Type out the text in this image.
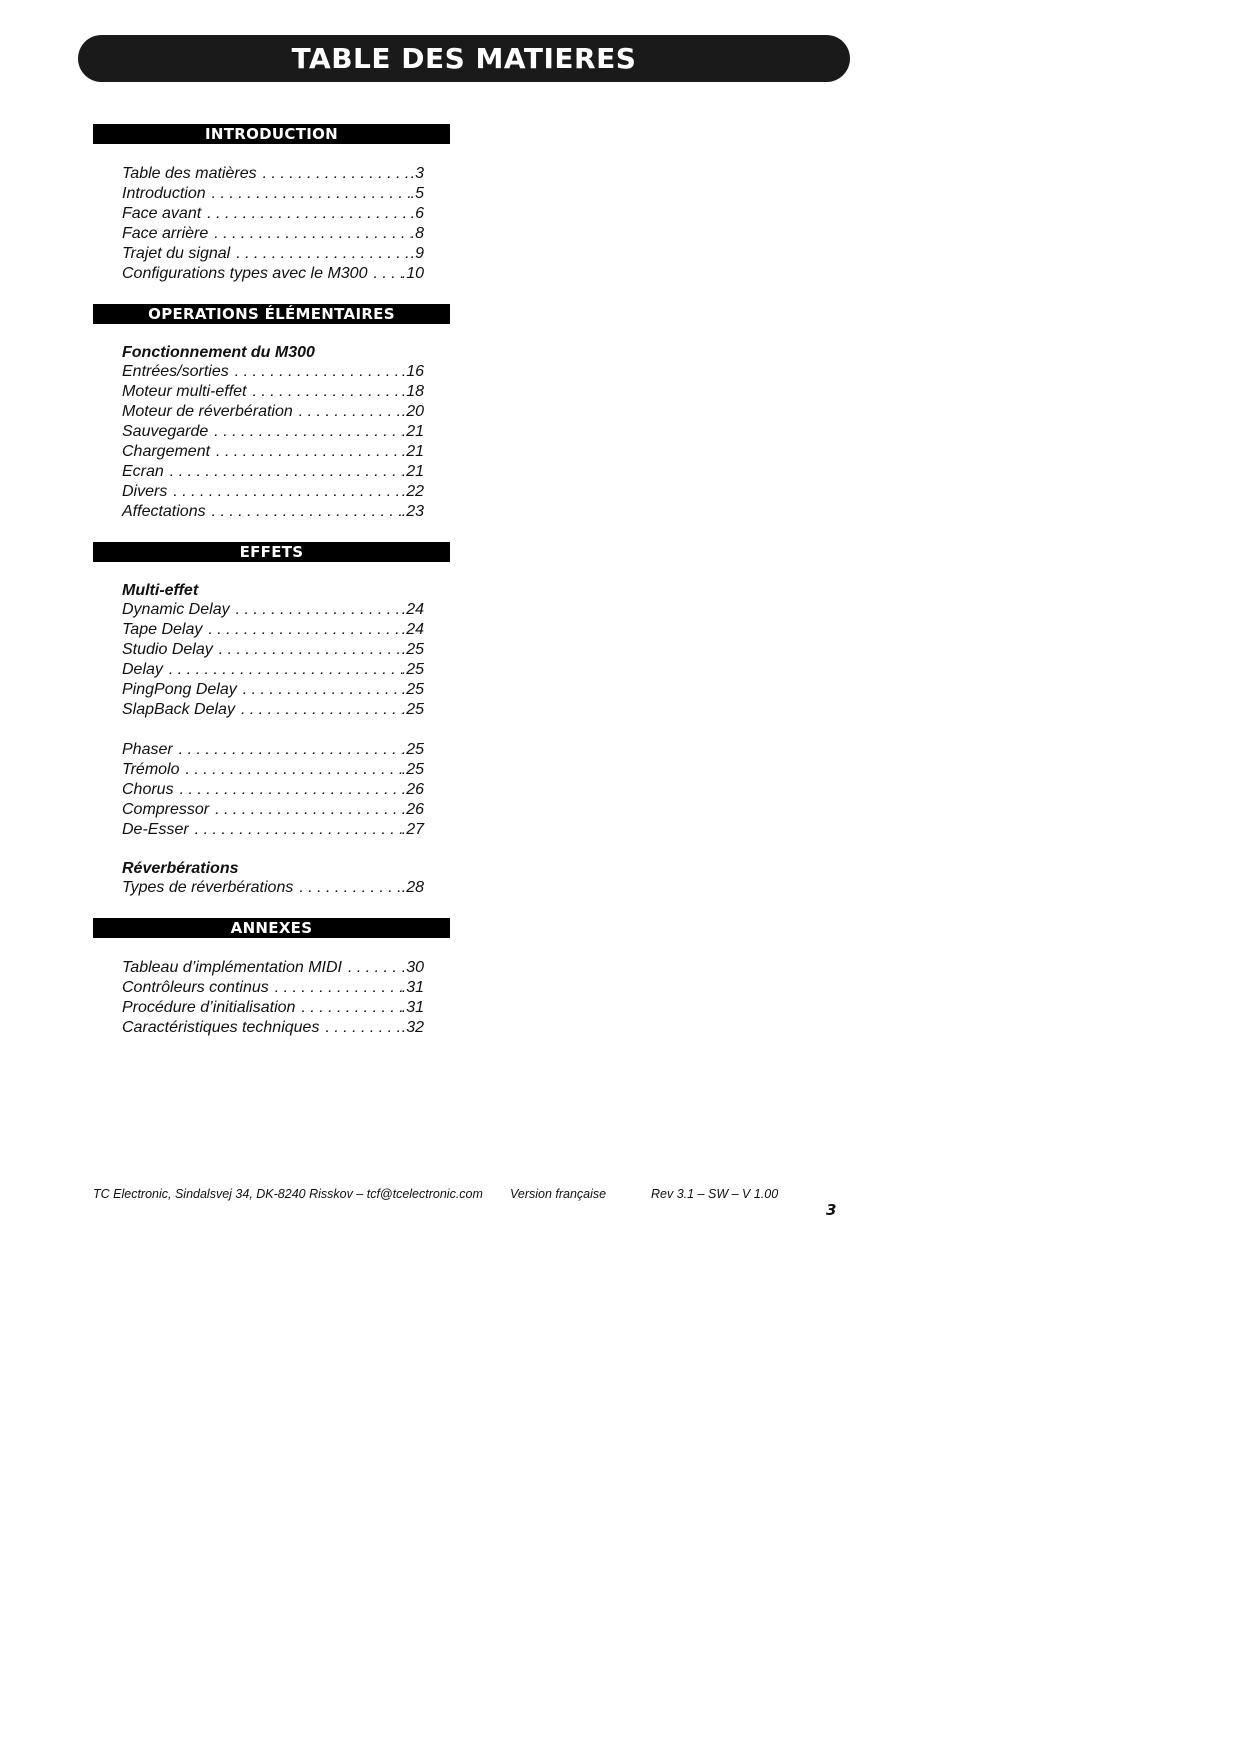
TABLE DES MATIERES
INTRODUCTION
Table des matières . . .	.3
Introduction . . .	.5
Face avant . . .	.6
Face arrière . . .	.8
Trajet du signal . . .	.9
Configurations types avec le M300 . . .	.10
OPERATIONS ÉLÉMENTAIRES
Fonctionnement du M300
Entrées/sorties . . .	.16
Moteur multi-effet . . .	.18
Moteur de réverbération . . .	.20
Sauvegarde . . .	.21
Chargement . . .	.21
Ecran . . .	.21
Divers . . .	.22
Affectations . . .	.23
EFFETS
Multi-effet
Dynamic Delay . . .	.24
Tape Delay . . .	.24
Studio Delay . . .	.25
Delay . . .	.25
PingPong Delay . . .	.25
SlapBack Delay . . .	.25
Phaser . . .	.25
Trémolo . . .	.25
Chorus . . .	.26
Compressor . . .	.26
De-Esser . . .	.27
Réverbérations
Types de réverbérations . . .	.28
ANNEXES
Tableau d’implémentation MIDI . . .	.30
Contrôleurs continus . . .	.31
Procédure d’initialisation . . .	.31
Caractéristiques techniques . . .	.32
TC Electronic, Sindalsvej 34, DK-8240 Risskov – tcf@tcelectronic.com Version française	Rev 3.1 – SW – V 1.00
3
